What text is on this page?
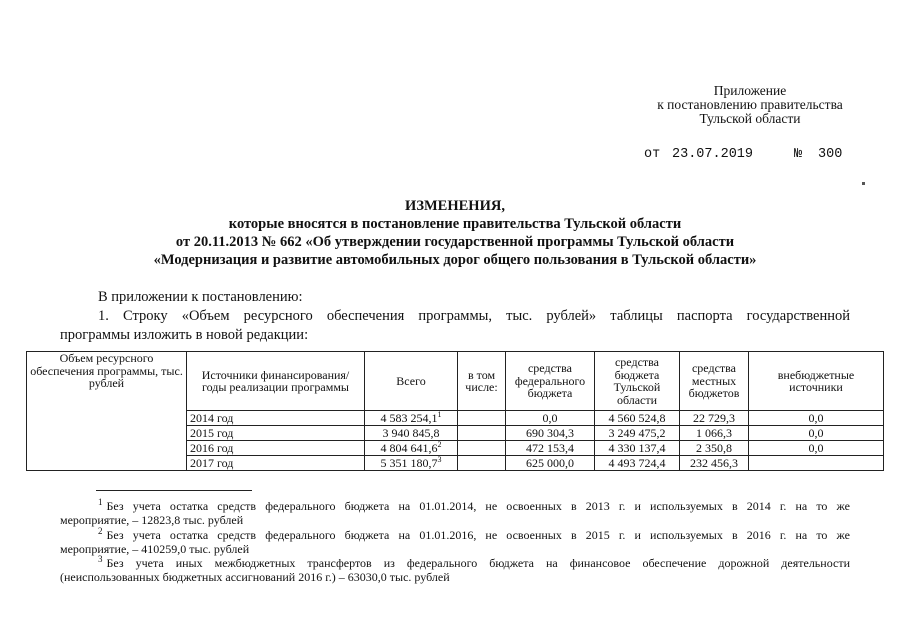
Приложение
к постановлению правительства
Тульской области
от 23.07.2019	№ 300
ИЗМЕНЕНИЯ,
которые вносятся в постановление правительства Тульской области
от 20.11.2013 № 662 «Об утверждении государственной программы Тульской области
«Модернизация и развитие автомобильных дорог общего пользования в Тульской области»
В приложении к постановлению:
1. Строку «Объем ресурсного обеспечения программы, тыс. рублей» таблицы паспорта государственной
программы изложить в новой редакции:
Объем ресурсного обеспечения программы, тыс. рублей	Источники финансирования/ годы реализации программы	Всего	в том числе:	средства федерального бюджета	средства бюджета Тульской области	средства местных бюджетов	внебюджетные источники
	2014 год	4 583 254,1$^1$		0,0	4 560 524,8	22 729,3	0,0
	2015 год	3 940 845,8		690 304,3	3 249 475,2	1 066,3	0,0
	2016 год	4 804 641,6$^2$		472 153,4	4 330 137,4	2 350,8	0,0
	2017 год	5 351 180,7$^3$		625 000,0	4 493 724,4	232 456,3	
$^1$ Без учета остатка средств федерального бюджета на 01.01.2014, не освоенных в 2013 г. и используемых в 2014 г. на то же
мероприятие, – 12823,8 тыс. рублей
$^2$ Без учета остатка средств федерального бюджета на 01.01.2016, не освоенных в 2015 г. и используемых в 2016 г. на то же
мероприятие, – 410259,0 тыс. рублей
$^3$ Без учета иных межбюджетных трансфертов из федерального бюджета на финансовое обеспечение дорожной деятельности
(неиспользованных бюджетных ассигнований 2016 г.) – 63030,0 тыс. рублей
